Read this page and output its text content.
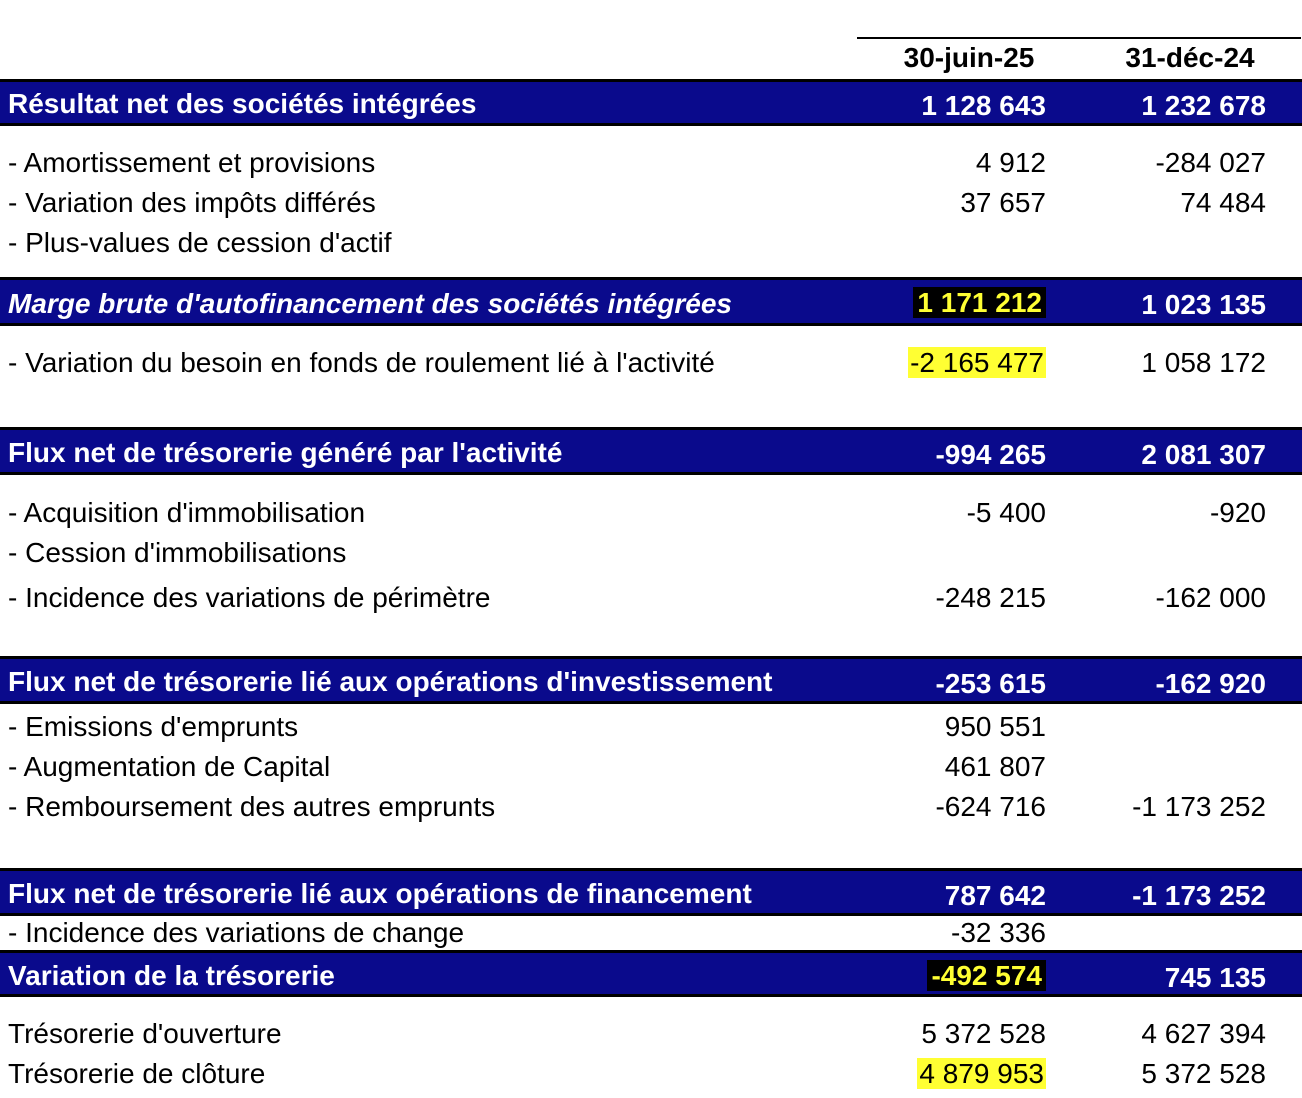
30-juin-25	31-déc-24
Résultat net des sociétés intégrées	1 128 643	1 232 678
- Amortissement et provisions	4 912	-284 027
- Variation des impôts différés	37 657	74 484
- Plus-values de cession d'actif
Marge brute d'autofinancement des sociétés intégrées	1 171 212	1 023 135
- Variation du besoin en fonds de roulement lié à l'activité	-2 165 477	1 058 172
Flux net de trésorerie généré par l'activité	-994 265	2 081 307
- Acquisition d'immobilisation	-5 400	-920
- Cession d'immobilisations
- Incidence des variations de périmètre	-248 215	-162 000
Flux net de trésorerie lié aux opérations d'investissement	-253 615	-162 920
- Emissions d'emprunts	950 551
- Augmentation de Capital	461 807
- Remboursement des autres emprunts	-624 716	-1 173 252
Flux net de trésorerie lié aux opérations de financement	787 642	-1 173 252
- Incidence des variations de change	-32 336
Variation de la trésorerie	-492 574	745 135
Trésorerie d'ouverture	5 372 528	4 627 394
Trésorerie de clôture	4 879 953	5 372 528
